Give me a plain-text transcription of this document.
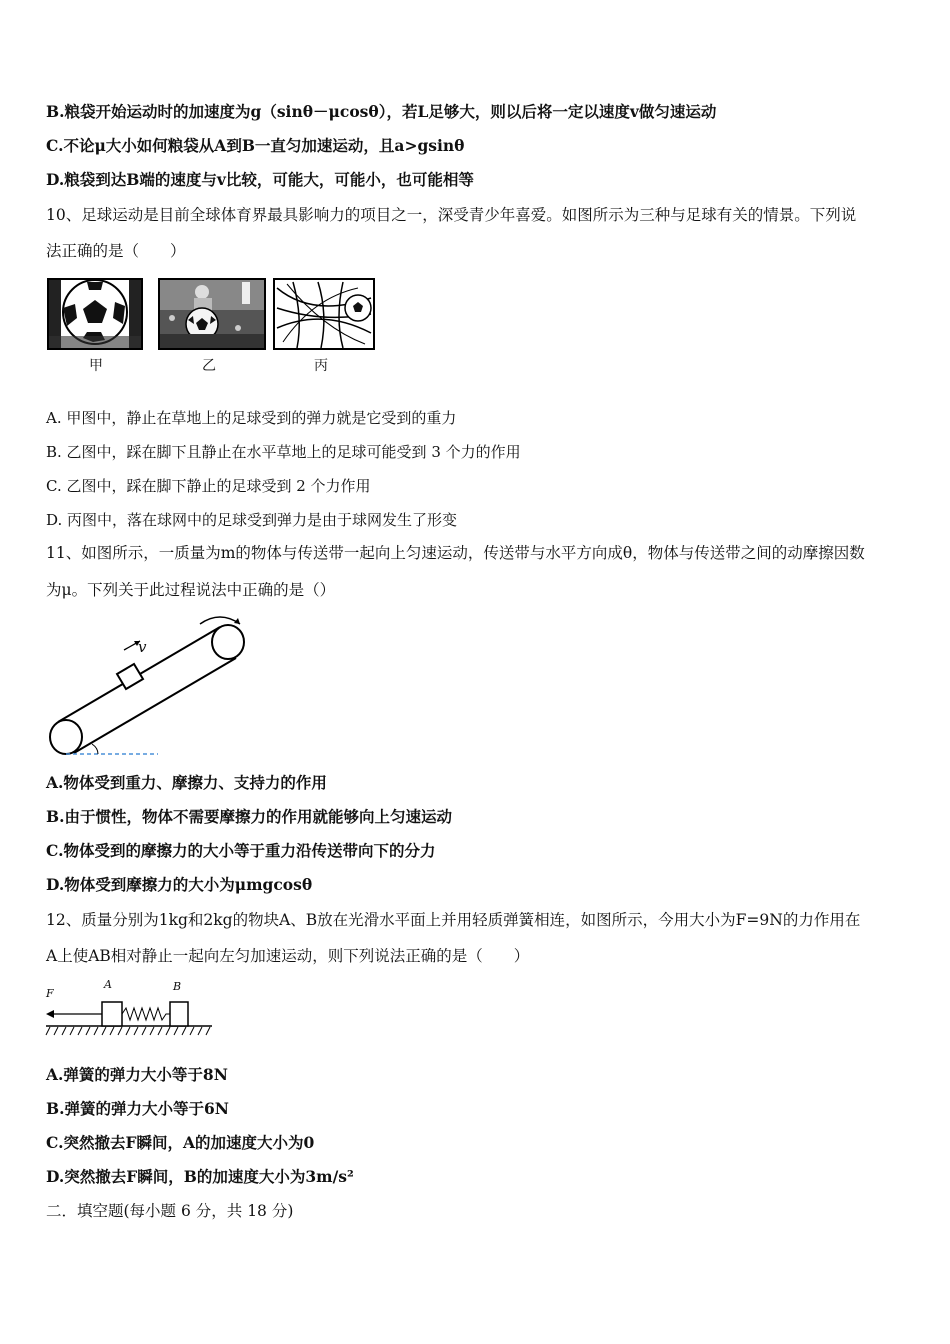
B.粮袋开始运动时的加速度为g（sinθ－μcosθ），若L足够大，则以后将一定以速度v做匀速运动
C.不论μ大小如何粮袋从A到B一直匀加速运动，且a>gsinθ
D.粮袋到达B端的速度与v比较，可能大，可能小，也可能相等
10、足球运动是目前全球体育界最具影响力的项目之一，深受青少年喜爱。如图所示为三种与足球有关的情景。下列说
法正确的是（　　）
甲	乙	丙
A. 甲图中，静止在草地上的足球受到的弹力就是它受到的重力
B. 乙图中，踩在脚下且静止在水平草地上的足球可能受到 3 个力的作用
C. 乙图中，踩在脚下静止的足球受到 2 个力作用
D. 丙图中，落在球网中的足球受到弹力是由于球网发生了形变
11、如图所示，一质量为m的物体与传送带一起向上匀速运动，传送带与水平方向成θ，物体与传送带之间的动摩擦因数
为μ。下列关于此过程说法中正确的是（）
v
A.物体受到重力、摩擦力、支持力的作用
B.由于惯性，物体不需要摩擦力的作用就能够向上匀速运动
C.物体受到的摩擦力的大小等于重力沿传送带向下的分力
D.物体受到摩擦力的大小为μmgcosθ
12、质量分别为1kg和2kg的物块A、B放在光滑水平面上并用轻质弹簧相连，如图所示，今用大小为F=9N的力作用在
A上使AB相对静止一起向左匀加速运动，则下列说法正确的是（　　）
F
A	B
A.弹簧的弹力大小等于8N
B.弹簧的弹力大小等于6N
C.突然撤去F瞬间，A的加速度大小为0
D.突然撤去F瞬间，B的加速度大小为3m/s²
二．填空题(每小题 6 分，共 18 分)
